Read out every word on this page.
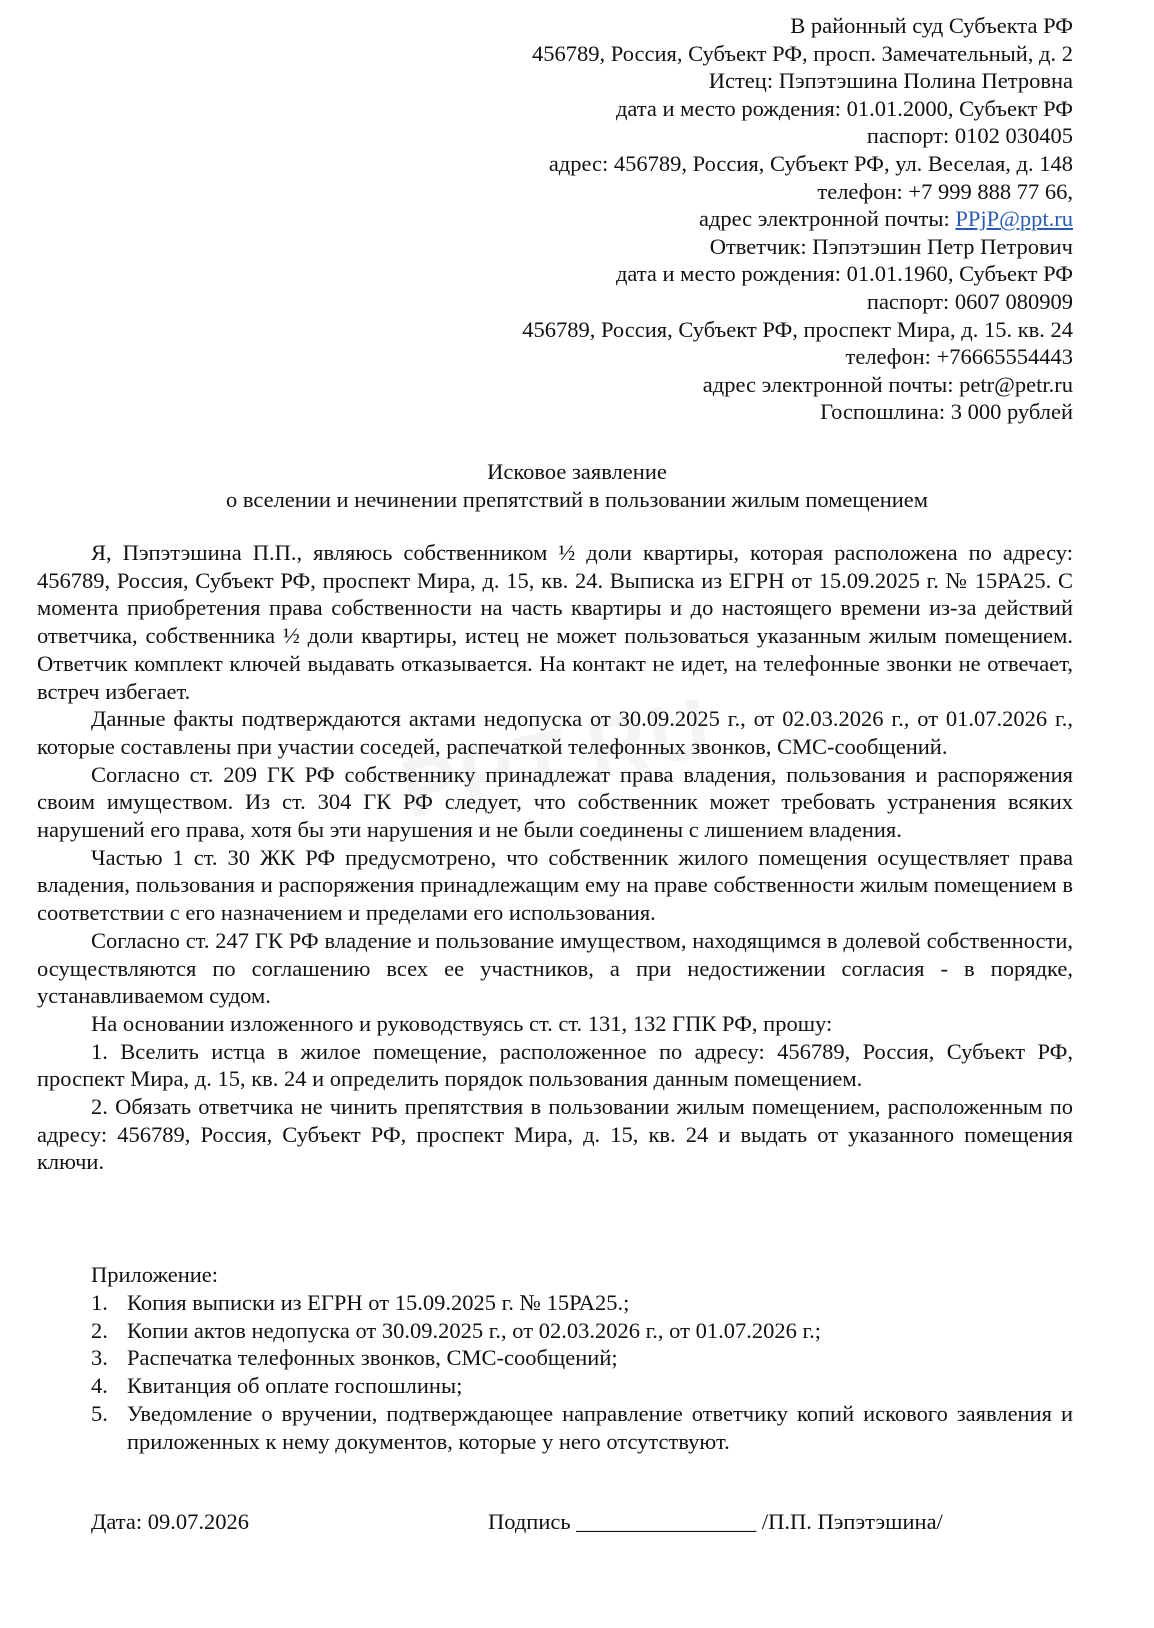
В районный суд Субъекта РФ
456789, Россия, Субъект РФ, просп. Замечательный, д. 2
Истец: Пэпэтэшина Полина Петровна
дата и место рождения: 01.01.2000, Субъект РФ
паспорт: 0102 030405
адрес: 456789, Россия, Субъект РФ, ул. Веселая, д. 148
телефон: +7 999 888 77 66,
адрес электронной почты: PPjP@ppt.ru
Ответчик: Пэпэтэшин Петр Петрович
дата и место рождения: 01.01.1960, Субъект РФ
паспорт: 0607 080909
456789, Россия, Субъект РФ, проспект Мира, д. 15. кв. 24
телефон: +76665554443
адрес электронной почты: petr@petr.ru
Госпошлина: 3 000 рублей
Исковое заявление
о вселении и нечинении препятствий в пользовании жилым помещением

Я, Пэпэтэшина П.П., являюсь собственником ½ доли квартиры, которая расположена по адресу: 456789, Россия, Субъект РФ, проспект Мира, д. 15, кв. 24. Выписка из ЕГРН от 15.09.2025 г. № 15РА25. С момента приобретения права собственности на часть квартиры и до настоящего времени из-за действий ответчика, собственника ½ доли квартиры, истец не может пользоваться указанным жилым помещением. Ответчик комплект ключей выдавать отказывается. На контакт не идет, на телефонные звонки не отвечает, встреч избегает.

Данные факты подтверждаются актами недопуска от 30.09.2025 г., от 02.03.2026 г., от 01.07.2026 г., которые составлены при участии соседей, распечаткой телефонных звонков, СМС-сообщений.

Согласно ст. 209 ГК РФ собственнику принадлежат права владения, пользования и распоряжения своим имуществом. Из ст. 304 ГК РФ следует, что собственник может требовать устранения всяких нарушений его права, хотя бы эти нарушения и не были соединены с лишением владения.

Частью 1 ст. 30 ЖК РФ предусмотрено, что собственник жилого помещения осуществляет права владения, пользования и распоряжения принадлежащим ему на праве собственности жилым помещением в соответствии с его назначением и пределами его использования.

Согласно ст. 247 ГК РФ владение и пользование имуществом, находящимся в долевой собственности, осуществляются по соглашению всех ее участников, а при недостижении согласия - в порядке, устанавливаемом судом.

На основании изложенного и руководствуясь ст. ст. 131, 132 ГПК РФ, прошу:

1. Вселить истца в жилое помещение, расположенное по адресу: 456789, Россия, Субъект РФ, проспект Мира, д. 15, кв. 24 и определить порядок пользования данным помещением.

2. Обязать ответчика не чинить препятствия в пользовании жилым помещением, расположенным по адресу: 456789, Россия, Субъект РФ, проспект Мира, д. 15, кв. 24 и выдать от указанного помещения ключи.

Приложение:
1. Копия выписки из ЕГРН от 15.09.2025 г. № 15РА25.;
2. Копии актов недопуска от 30.09.2025 г., от 02.03.2026 г., от 01.07.2026 г.;
3. Распечатка телефонных звонков, СМС-сообщений;
4. Квитанция об оплате госпошлины;
5. Уведомление о вручении, подтверждающее направление ответчику копий искового заявления и приложенных к нему документов, которые у него отсутствуют.
Дата: 09.07.2026	Подпись ________________ /П.П. Пэпэтэшина/
